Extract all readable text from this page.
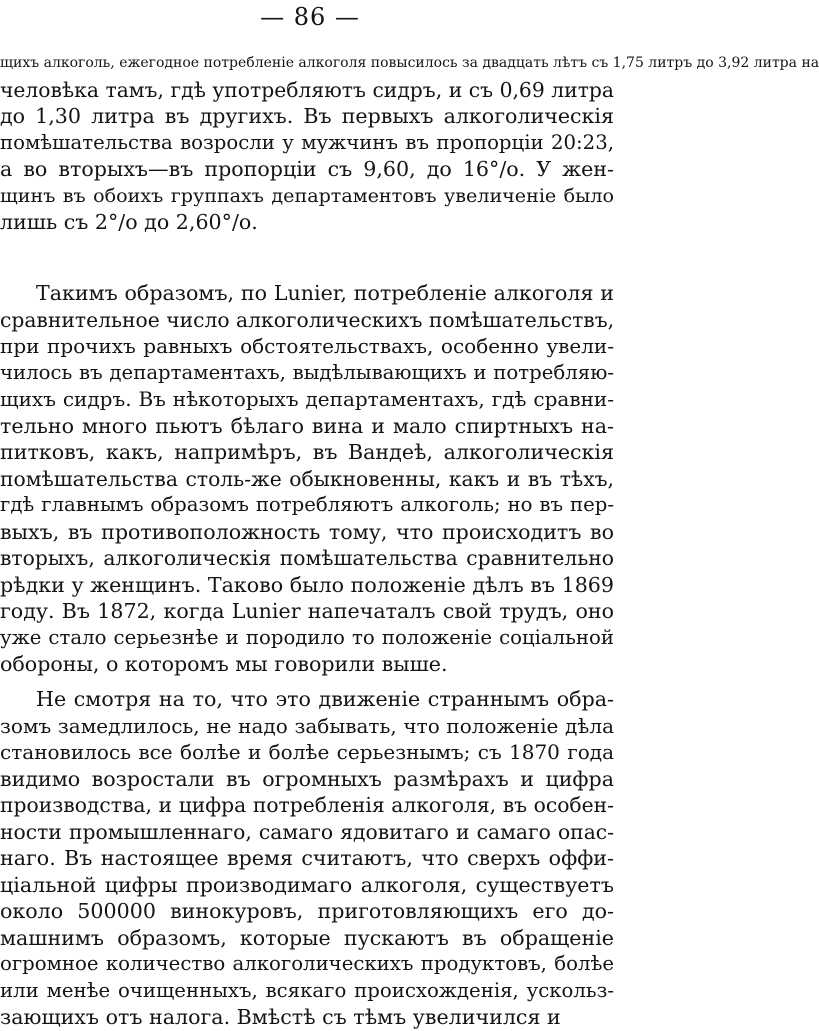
— 86 —
щихъ алкоголь, ежегодное потребленіе алкоголя повысилось за двадцать лѣтъ съ 1,75 литръ до 3,92 литра на
человѣка тамъ, гдѣ употребляютъ сидръ, и съ 0,69 литра
до 1,30 литра въ другихъ. Въ первыхъ алкоголическія
помѣшательства возросли у мужчинъ въ пропорціи 20:23,
а во вторыхъ—въ пропорціи съ 9,60, до 16°/о. У жен-
щинъ въ обоихъ группахъ департаментовъ увеличеніе было
лишь съ 2°/о до 2,60°/о.
Такимъ образомъ, по Lunier, потребленіе алкоголя и
сравнительное число алкоголическихъ помѣшательствъ,
при прочихъ равныхъ обстоятельствахъ, особенно увели-
чилось въ департаментахъ, выдѣлывающихъ и потребляю-
щихъ сидръ. Въ нѣкоторыхъ департаментахъ, гдѣ сравни-
тельно много пьютъ бѣлаго вина и мало спиртныхъ на-
питковъ, какъ, напримѣръ, въ Вандеѣ, алкоголическія
помѣшательства столь-же обыкновенны, какъ и въ тѣхъ,
гдѣ главнымъ образомъ потребляютъ алкоголь; но въ пер-
выхъ, въ противоположность тому, что происходитъ во
вторыхъ, алкоголическія помѣшательства сравнительно
рѣдки у женщинъ. Таково было положеніе дѣлъ въ 1869
году. Въ 1872, когда Lunier напечаталъ свой трудъ, оно
уже стало серьезнѣе и породило то положеніе соціальной
обороны, о которомъ мы говорили выше.
Не смотря на то, что это движеніе страннымъ обра-
зомъ замедлилось, не надо забывать, что положеніе дѣла
становилось все болѣе и болѣе серьезнымъ; съ 1870 года
видимо возростали въ огромныхъ размѣрахъ и цифра
производства, и цифра потребленія алкоголя, въ особен-
ности промышленнаго, самаго ядовитаго и самаго опас-
наго. Въ настоящее время считаютъ, что сверхъ оффи-
ціальной цифры производимаго алкоголя, существуетъ
около 500000 винокуровъ, приготовляющихъ его до-
машнимъ образомъ, которые пускаютъ въ обращеніе
огромное количество алкоголическихъ продуктовъ, болѣе
или менѣе очищенныхъ, всякаго происхожденія, ускольз-
зающихъ отъ налога. Вмѣстѣ съ тѣмъ увеличился и
